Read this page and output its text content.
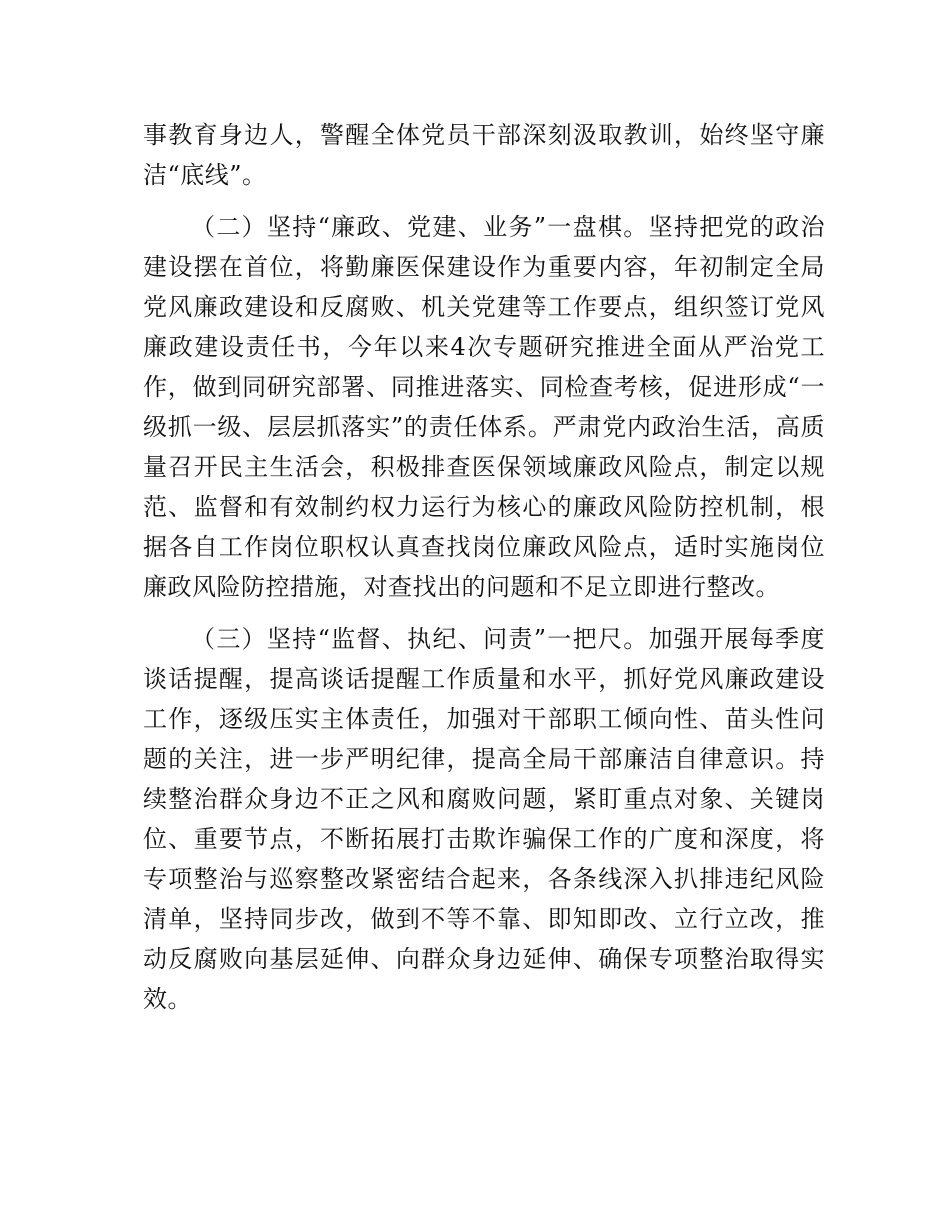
事教育身边人，警醒全体党员干部深刻汲取教训，始终坚守廉洁“底线”。

（二）坚持“廉政、党建、业务”一盘棋。坚持把党的政治建设摆在首位，将勤廉医保建设作为重要内容，年初制定全局党风廉政建设和反腐败、机关党建等工作要点，组织签订党风廉政建设责任书，今年以来4次专题研究推进全面从严治党工作，做到同研究部署、同推进落实、同检查考核，促进形成“一级抓一级、层层抓落实”的责任体系。严肃党内政治生活，高质量召开民主生活会，积极排查医保领域廉政风险点，制定以规范、监督和有效制约权力运行为核心的廉政风险防控机制，根据各自工作岗位职权认真查找岗位廉政风险点，适时实施岗位廉政风险防控措施，对查找出的问题和不足立即进行整改。

（三）坚持“监督、执纪、问责”一把尺。加强开展每季度谈话提醒，提高谈话提醒工作质量和水平，抓好党风廉政建设工作，逐级压实主体责任，加强对干部职工倾向性、苗头性问题的关注，进一步严明纪律，提高全局干部廉洁自律意识。持续整治群众身边不正之风和腐败问题，紧盯重点对象、关键岗位、重要节点，不断拓展打击欺诈骗保工作的广度和深度，将专项整治与巡察整改紧密结合起来，各条线深入扒排违纪风险清单，坚持同步改，做到不等不靠、即知即改、立行立改，推动反腐败向基层延伸、向群众身边延伸、确保专项整治取得实效。
